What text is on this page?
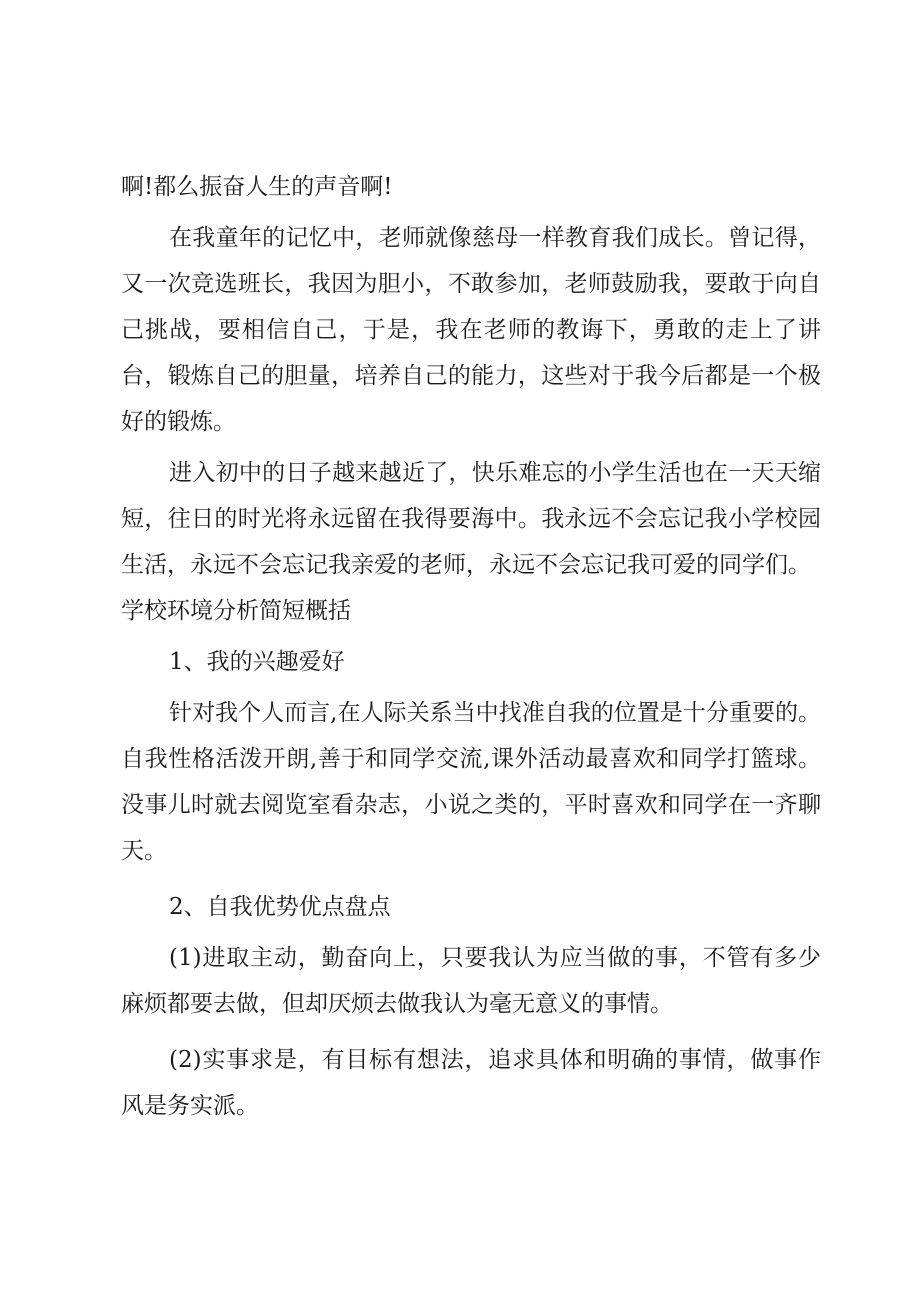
啊!都么振奋人生的声音啊!

在我童年的记忆中，老师就像慈母一样教育我们成长。曾记得，又一次竞选班长，我因为胆小，不敢参加，老师鼓励我，要敢于向自己挑战，要相信自己，于是，我在老师的教诲下，勇敢的走上了讲台，锻炼自己的胆量，培养自己的能力，这些对于我今后都是一个极好的锻炼。

进入初中的日子越来越近了，快乐难忘的小学生活也在一天天缩短，往日的时光将永远留在我得要海中。我永远不会忘记我小学校园生活，永远不会忘记我亲爱的老师，永远不会忘记我可爱的同学们。

学校环境分析简短概括

1、我的兴趣爱好

针对我个人而言,在人际关系当中找准自我的位置是十分重要的。自我性格活泼开朗,善于和同学交流,课外活动最喜欢和同学打篮球。没事儿时就去阅览室看杂志，小说之类的，平时喜欢和同学在一齐聊天。

2、自我优势优点盘点

(1)进取主动，勤奋向上，只要我认为应当做的事，不管有多少麻烦都要去做，但却厌烦去做我认为毫无意义的事情。

(2)实事求是，有目标有想法，追求具体和明确的事情，做事作风是务实派。
